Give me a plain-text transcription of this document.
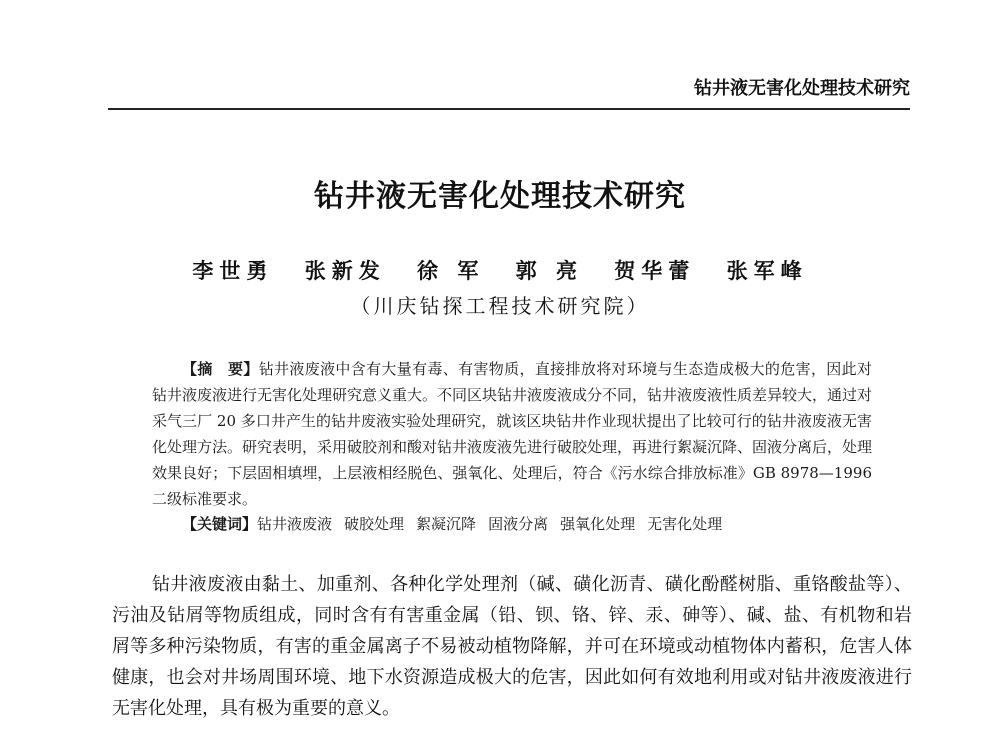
钻井液无害化处理技术研究
钻井液无害化处理技术研究
李世勇 张新发 徐 军 郭 亮 贺华蕾 张军峰
（川庆钻探工程技术研究院）
【摘　要】钻井液废液中含有大量有毒、有害物质，直接排放将对环境与生态造成极大的危害，因此对钻井液废液进行无害化处理研究意义重大。不同区块钻井液废液成分不同，钻井液废液性质差异较大，通过对采气三厂 20 多口井产生的钻井废液实验处理研究，就该区块钻井作业现状提出了比较可行的钻井液废液无害化处理方法。研究表明，采用破胶剂和酸对钻井液废液先进行破胶处理，再进行絮凝沉降、固液分离后，处理效果良好；下层固相填埋，上层液相经脱色、强氧化、处理后，符合《污水综合排放标准》GB 8978—1996 二级标准要求。
【关键词】钻井液废液 破胶处理 絮凝沉降 固液分离 强氧化处理 无害化处理
钻井液废液由黏土、加重剂、各种化学处理剂（碱、磺化沥青、磺化酚醛树脂、重铬酸盐等）、污油及钻屑等物质组成，同时含有有害重金属（铅、钡、铬、锌、汞、砷等）、碱、盐、有机物和岩屑等多种污染物质，有害的重金属离子不易被动植物降解，并可在环境或动植物体内蓄积，危害人体健康，也会对井场周围环境、地下水资源造成极大的危害，因此如何有效地利用或对钻井液废液进行无害化处理，具有极为重要的意义。
